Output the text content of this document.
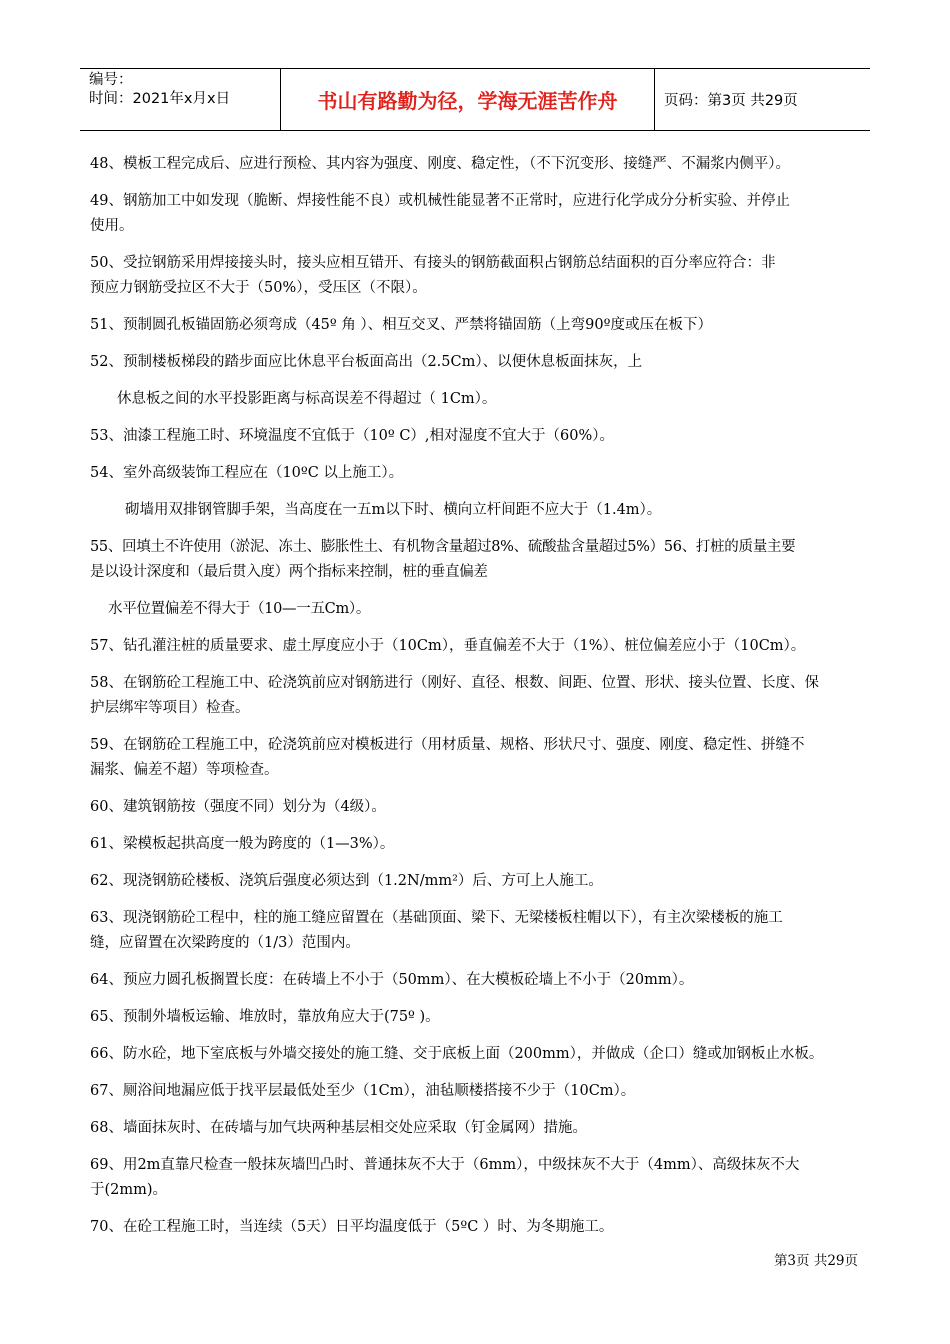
编号：
时间：2021年x月x日	书山有路勤为径，学海无涯苦作舟	页码：第3页 共29页
48、模板工程完成后、应进行预检、其内容为强度、刚度、稳定性，（不下沉变形、接缝严、不漏浆内侧平）。
49、钢筋加工中如发现（脆断、焊接性能不良）或机械性能显著不正常时，应进行化学成分分析实验、并停止
使用。
50、受拉钢筋采用焊接接头时，接头应相互错开、有接头的钢筋截面积占钢筋总结面积的百分率应符合：非
预应力钢筋受拉区不大于（50%），受压区（不限）。
51、预制圆孔板锚固筋必须弯成（45º 角 ）、相互交叉、严禁将锚固筋（上弯90º度或压在板下）
52、预制楼板梯段的踏步面应比休息平台板面高出（2.5Cm）、以便休息板面抹灰，上
休息板之间的水平投影距离与标高误差不得超过（ 1Cm）。
53、油漆工程施工时、环境温度不宜低于（10º C）,相对湿度不宜大于（60%）。
54、室外高级装饰工程应在（10ºC 以上施工）。
砌墙用双排钢管脚手架，当高度在一五m以下时、横向立杆间距不应大于（1.4m）。
55、回填土不许使用（淤泥、冻土、膨胀性土、有机物含量超过8%、硫酸盐含量超过5%）56、打桩的质量主要
是以设计深度和（最后贯入度）两个指标来控制，桩的垂直偏差
水平位置偏差不得大于（10—一五Cm）。
57、钻孔灌注桩的质量要求、虚土厚度应小于（10Cm），垂直偏差不大于（1%）、桩位偏差应小于（10Cm）。
58、在钢筋砼工程施工中、砼浇筑前应对钢筋进行（刚好、直径、根数、间距、位置、形状、接头位置、长度、保
护层绑牢等项目）检查。
59、在钢筋砼工程施工中，砼浇筑前应对模板进行（用材质量、规格、形状尺寸、强度、刚度、稳定性、拼缝不
漏浆、偏差不超）等项检查。
60、建筑钢筋按（强度不同）划分为（4级）。
61、梁模板起拱高度一般为跨度的（1—3%）。
62、现浇钢筋砼楼板、浇筑后强度必须达到（1.2N/mm²）后、方可上人施工。
63、现浇钢筋砼工程中，柱的施工缝应留置在（基础顶面、梁下、无梁楼板柱帽以下），有主次梁楼板的施工
缝，应留置在次梁跨度的（1/3）范围内。
64、预应力圆孔板搁置长度：在砖墙上不小于（50mm）、在大模板砼墙上不小于（20mm）。
65、预制外墙板运输、堆放时，靠放角应大于(75º )。
66、防水砼，地下室底板与外墙交接处的施工缝、交于底板上面（200mm），并做成（企口）缝或加钢板止水板。
67、厕浴间地漏应低于找平层最低处至少（1Cm），油毡顺楼搭接不少于（10Cm）。
68、墙面抹灰时、在砖墙与加气块两种基层相交处应采取（钉金属网）措施。
69、用2m直靠尺检查一般抹灰墙凹凸时、普通抹灰不大于（6mm），中级抹灰不大于（4mm）、高级抹灰不大
于(2mm)。
70、在砼工程施工时，当连续（5天）日平均温度低于（5ºC ）时、为冬期施工。
第3页 共29页
